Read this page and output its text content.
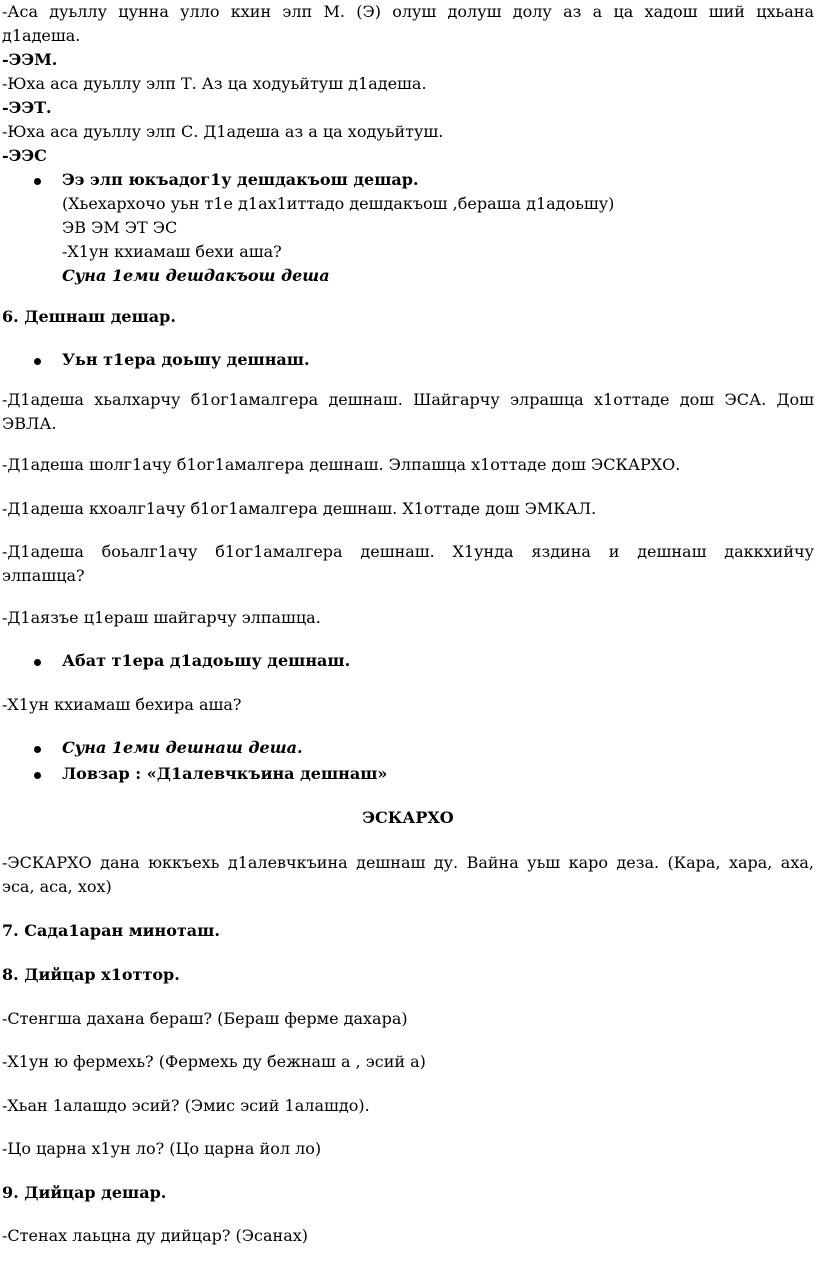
-Аса дуьллу цунна улло кхин элп М. (Э) олуш долуш долу аз а ца хадош ший цхьана
д1адеша.
-ЭЭМ.
-Юха аса дуьллу элп Т. Аз ца ходуьйтуш д1адеша.
-ЭЭТ.
-Юха аса дуьллу элп С. Д1адеша аз а ца ходуьйтуш.
-ЭЭС
Ээ элп юкъадог1у дешдакъош дешар.
(Хьехархочо уьн т1е д1ах1иттадо дешдакъош ,бераша д1адоьшу)
ЭВ ЭМ ЭТ ЭС
-Х1ун кхиамаш бехи аша?
Суна 1еми дешдакъош деша
6. Дешнаш дешар.
Уьн т1ера доьшу дешнаш.
-Д1адеша хьалхарчу б1ог1амалгера дешнаш. Шайгарчу элрашца х1оттаде дош ЭСА. Дош
ЭВЛА.
-Д1адеша шолг1ачу б1ог1амалгера дешнаш. Элпашца х1оттаде дош ЭСКАРХО.
-Д1адеша кхоалг1ачу б1ог1амалгера дешнаш. Х1оттаде дош ЭМКАЛ.
-Д1адеша боьалг1ачу б1ог1амалгера дешнаш. Х1унда яздина и дешнаш даккхийчу
элпашца?
-Д1аязъе ц1ераш шайгарчу элпашца.
Абат т1ера д1адоьшу дешнаш.
-Х1ун кхиамаш бехира аша?
Суна 1еми дешнаш деша.
Ловзар : «Д1алевчкъина дешнаш»
ЭСКАРХО
-ЭСКАРХО дана юккъехь д1алевчкъина дешнаш ду. Вайна уьш каро деза. (Кара, хара, аха,
эса, аса, хох)
7. Сада1аран миноташ.
8. Дийцар х1оттор.
-Стенгша дахана бераш? (Бераш ферме дахара)
-Х1ун ю фермехь? (Фермехь ду бежнаш а , эсий а)
-Хьан 1алашдо эсий? (Эмис эсий 1алашдо).
-Цо царна х1ун ло? (Цо царна йол ло)
9. Дийцар дешар.
-Стенах лаьцна ду дийцар? (Эсанах)
